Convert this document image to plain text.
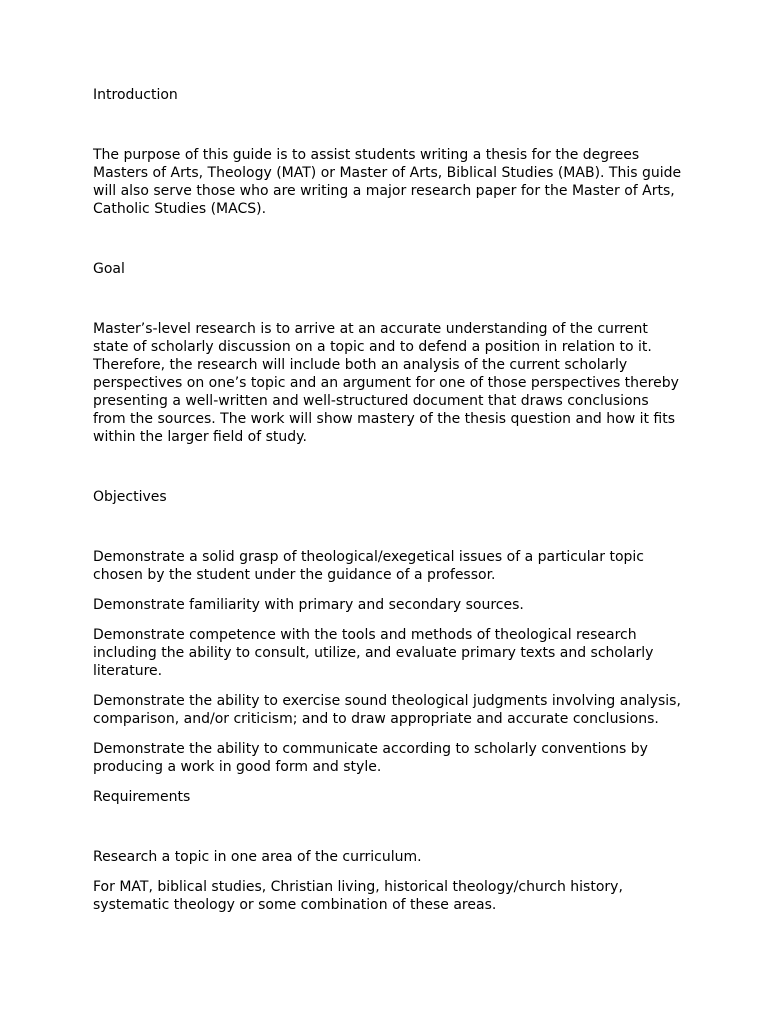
Introduction

The purpose of this guide is to assist students writing a thesis for the degrees Masters of Arts, Theology (MAT) or Master of Arts, Biblical Studies (MAB). This guide will also serve those who are writing a major research paper for the Master of Arts, Catholic Studies (MACS).

Goal

Master’s-level research is to arrive at an accurate understanding of the current state of scholarly discussion on a topic and to defend a position in relation to it. Therefore, the research will include both an analysis of the current scholarly perspectives on one’s topic and an argument for one of those perspectives thereby presenting a well-written and well-structured document that draws conclusions from the sources. The work will show mastery of the thesis question and how it fits within the larger field of study.

Objectives

Demonstrate a solid grasp of theological/exegetical issues of a particular topic chosen by the student under the guidance of a professor.

Demonstrate familiarity with primary and secondary sources.

Demonstrate competence with the tools and methods of theological research including the ability to consult, utilize, and evaluate primary texts and scholarly literature.

Demonstrate the ability to exercise sound theological judgments involving analysis, comparison, and/or criticism; and to draw appropriate and accurate conclusions.

Demonstrate the ability to communicate according to scholarly conventions by producing a work in good form and style.

Requirements

Research a topic in one area of the curriculum.

For MAT, biblical studies, Christian living, historical theology/church history, systematic theology or some combination of these areas.
